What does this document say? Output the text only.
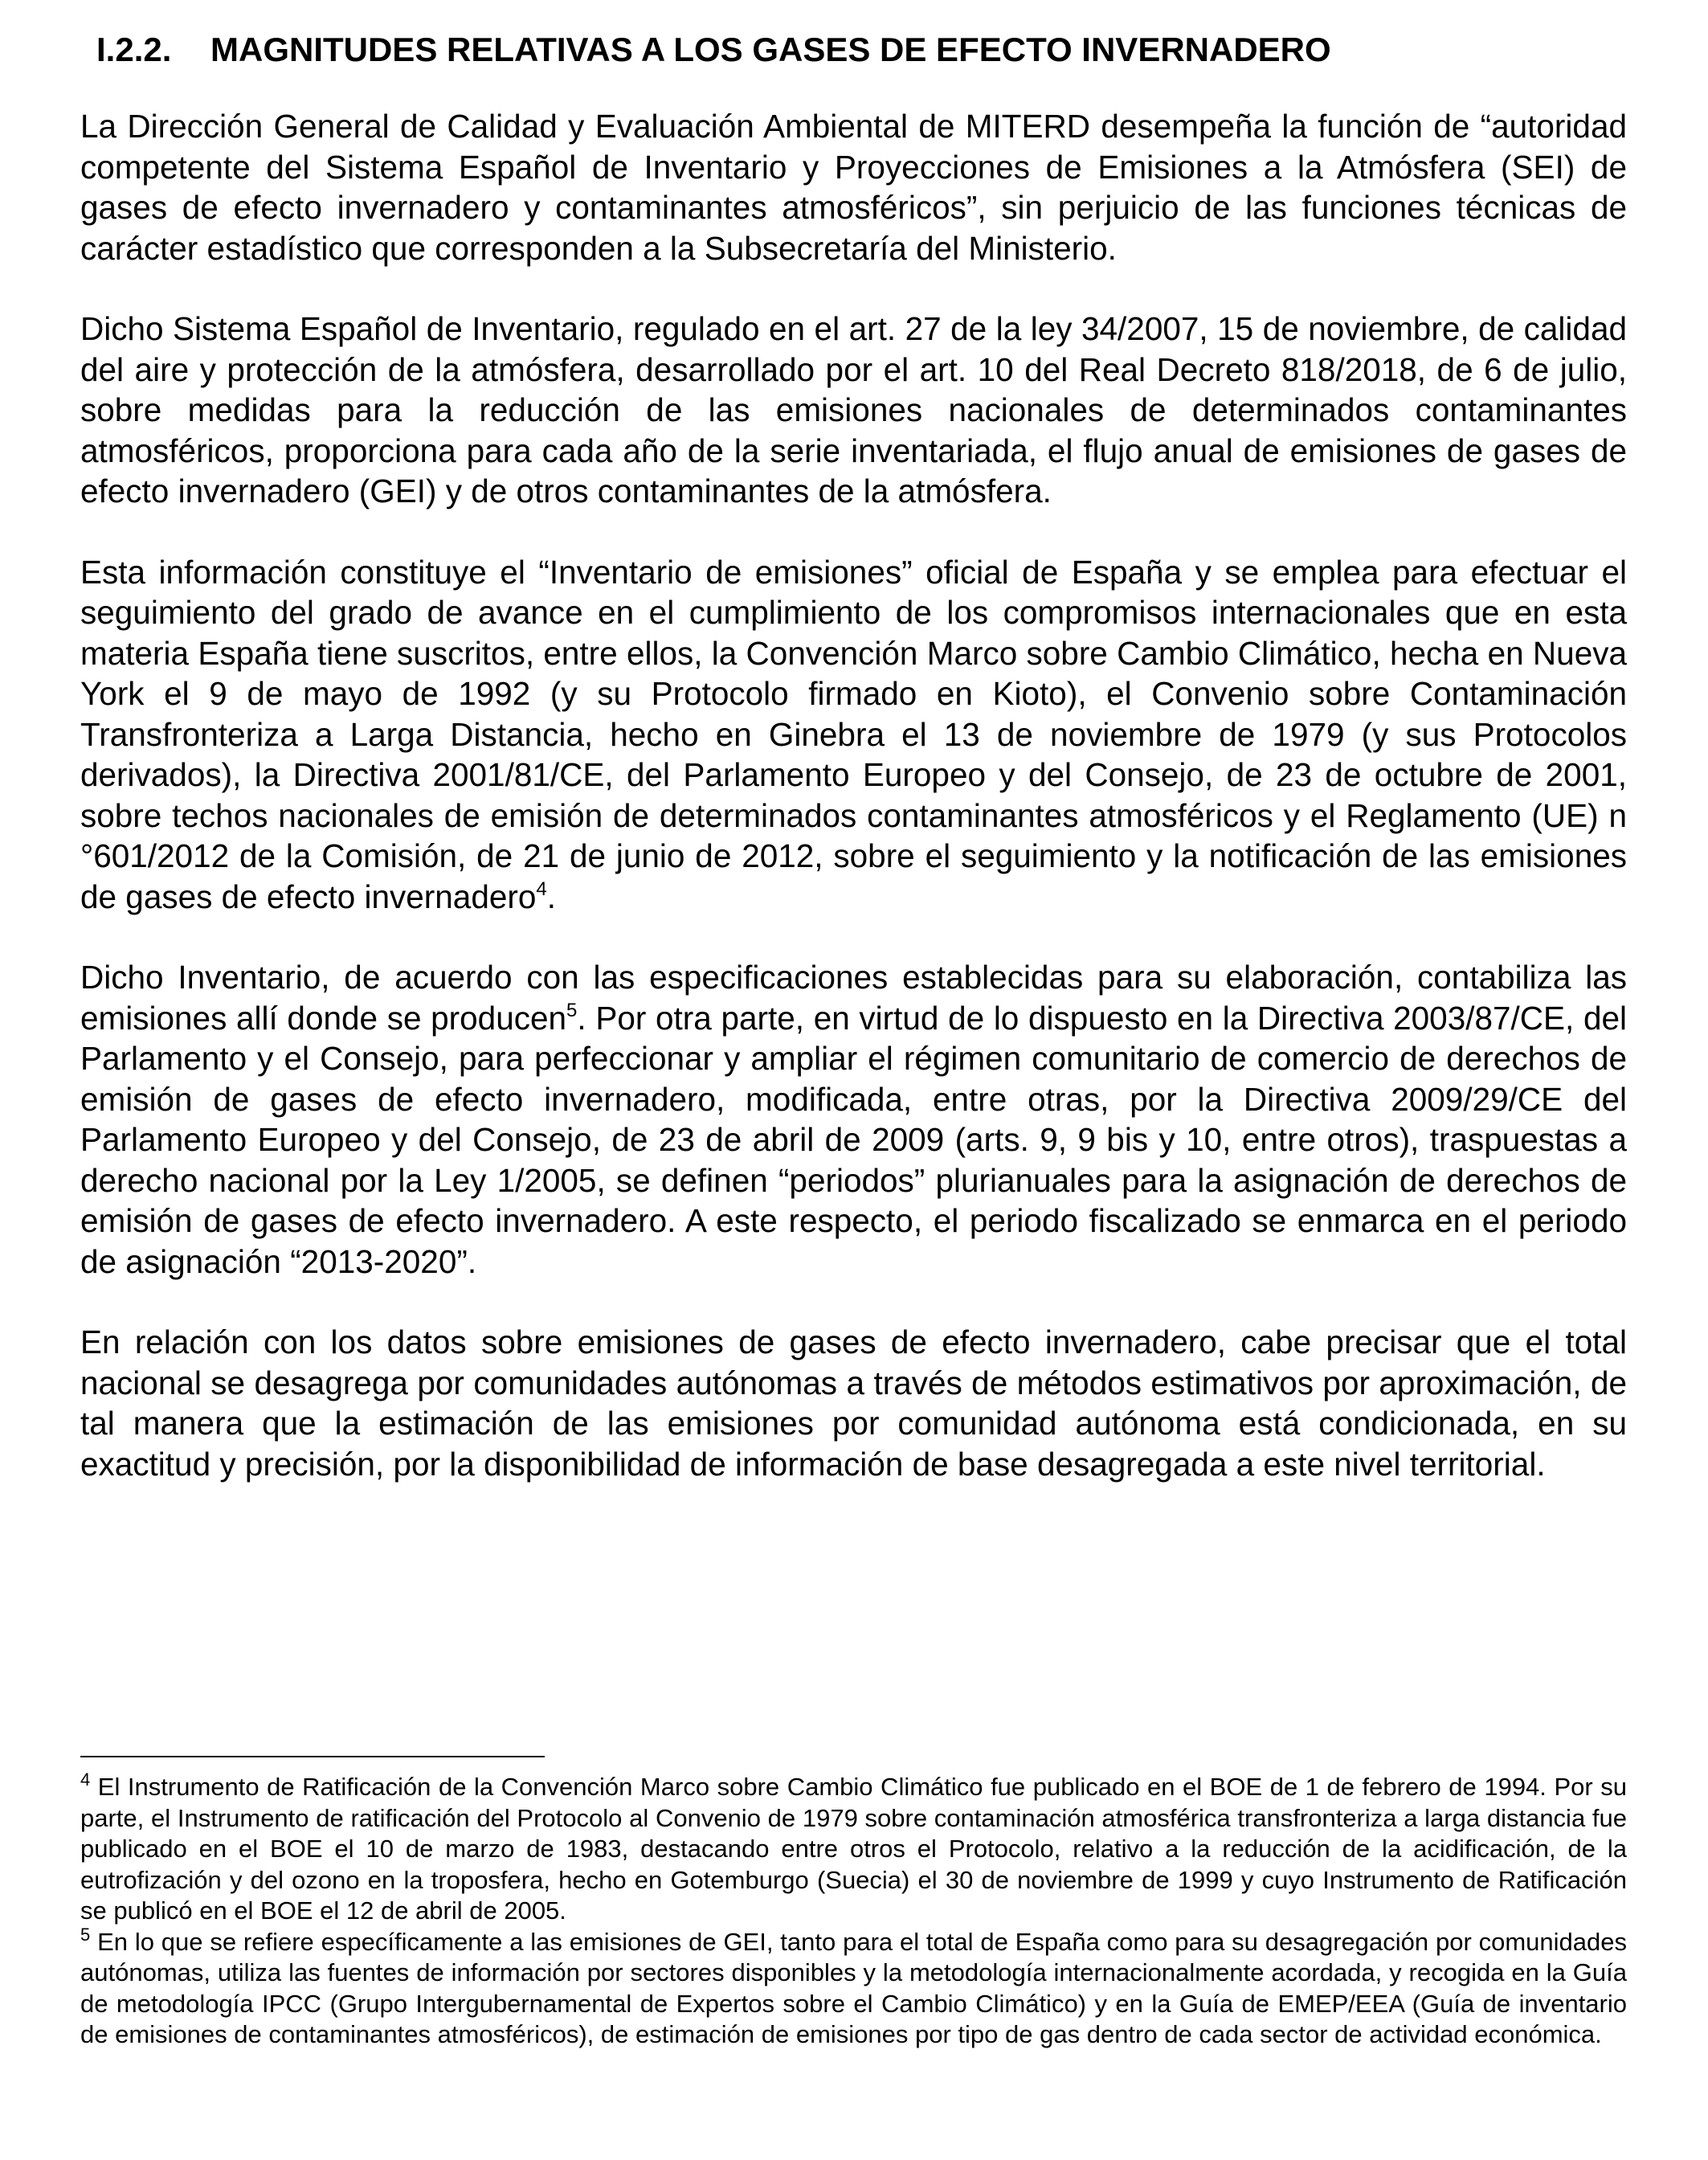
I.2.2. MAGNITUDES RELATIVAS A LOS GASES DE EFECTO INVERNADERO

La Dirección General de Calidad y Evaluación Ambiental de MITERD desempeña la función de “autoridad competente del Sistema Español de Inventario y Proyecciones de Emisiones a la Atmósfera (SEI) de gases de efecto invernadero y contaminantes atmosféricos”, sin perjuicio de las funciones técnicas de carácter estadístico que corresponden a la Subsecretaría del Ministerio.

Dicho Sistema Español de Inventario, regulado en el art. 27 de la ley 34/2007, 15 de noviembre, de calidad del aire y protección de la atmósfera, desarrollado por el art. 10 del Real Decreto 818/2018, de 6 de julio, sobre medidas para la reducción de las emisiones nacionales de determinados contaminantes atmosféricos, proporciona para cada año de la serie inventariada, el flujo anual de emisiones de gases de efecto invernadero (GEI) y de otros contaminantes de la atmósfera.

Esta información constituye el “Inventario de emisiones” oficial de España y se emplea para efectuar el seguimiento del grado de avance en el cumplimiento de los compromisos internacionales que en esta materia España tiene suscritos, entre ellos, la Convención Marco sobre Cambio Climático, hecha en Nueva York el 9 de mayo de 1992 (y su Protocolo firmado en Kioto), el Convenio sobre Contaminación Transfronteriza a Larga Distancia, hecho en Ginebra el 13 de noviembre de 1979 (y sus Protocolos derivados), la Directiva 2001/81/CE, del Parlamento Europeo y del Consejo, de 23 de octubre de 2001, sobre techos nacionales de emisión de determinados contaminantes atmosféricos y el Reglamento (UE) n °601/2012 de la Comisión, de 21 de junio de 2012, sobre el seguimiento y la notificación de las emisiones de gases de efecto invernadero$^4$.

Dicho Inventario, de acuerdo con las especificaciones establecidas para su elaboración, contabiliza las emisiones allí donde se producen$^5$. Por otra parte, en virtud de lo dispuesto en la Directiva 2003/87/CE, del Parlamento y el Consejo, para perfeccionar y ampliar el régimen comunitario de comercio de derechos de emisión de gases de efecto invernadero, modificada, entre otras, por la Directiva 2009/29/CE del Parlamento Europeo y del Consejo, de 23 de abril de 2009 (arts. 9, 9 bis y 10, entre otros), traspuestas a derecho nacional por la Ley 1/2005, se definen “periodos” plurianuales para la asignación de derechos de emisión de gases de efecto invernadero. A este respecto, el periodo fiscalizado se enmarca en el periodo de asignación “2013-2020”.

En relación con los datos sobre emisiones de gases de efecto invernadero, cabe precisar que el total nacional se desagrega por comunidades autónomas a través de métodos estimativos por aproximación, de tal manera que la estimación de las emisiones por comunidad autónoma está condicionada, en su exactitud y precisión, por la disponibilidad de información de base desagregada a este nivel territorial.

$^4$ El Instrumento de Ratificación de la Convención Marco sobre Cambio Climático fue publicado en el BOE de 1 de febrero de 1994. Por su parte, el Instrumento de ratificación del Protocolo al Convenio de 1979 sobre contaminación atmosférica transfronteriza a larga distancia fue publicado en el BOE el 10 de marzo de 1983, destacando entre otros el Protocolo, relativo a la reducción de la acidificación, de la eutrofización y del ozono en la troposfera, hecho en Gotemburgo (Suecia) el 30 de noviembre de 1999 y cuyo Instrumento de Ratificación se publicó en el BOE el 12 de abril de 2005.

$^5$ En lo que se refiere específicamente a las emisiones de GEI, tanto para el total de España como para su desagregación por comunidades autónomas, utiliza las fuentes de información por sectores disponibles y la metodología internacionalmente acordada, y recogida en la Guía de metodología IPCC (Grupo Intergubernamental de Expertos sobre el Cambio Climático) y en la Guía de EMEP/EEA (Guía de inventario de emisiones de contaminantes atmosféricos), de estimación de emisiones por tipo de gas dentro de cada sector de actividad económica.
